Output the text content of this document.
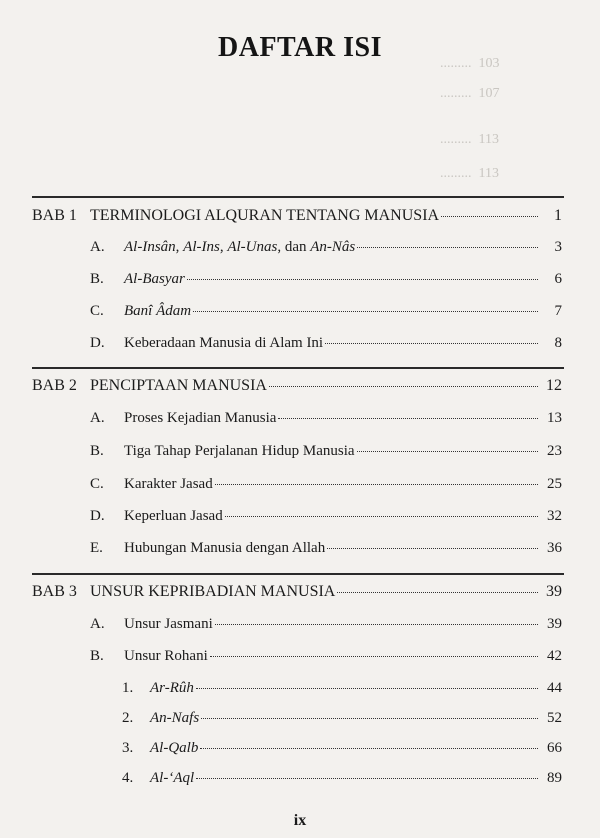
.........  103
.........  107
.........  113
.........  113
DAFTAR ISI
BAB 1 TERMINOLOGI ALQURAN TENTANG MANUSIA	1
A.	Al-Insân, Al-Ins, Al-Unas, dan An-Nâs	3
B.	Al-Basyar	6
C.	Banî Âdam	7
D.	Keberadaan Manusia di Alam Ini	8
BAB 2 PENCIPTAAN MANUSIA	12
A.	Proses Kejadian Manusia	13
B.	Tiga Tahap Perjalanan Hidup Manusia	23
C.	Karakter Jasad	25
D.	Keperluan Jasad	32
E.	Hubungan Manusia dengan Allah	36
BAB 3 UNSUR KEPRIBADIAN MANUSIA	39
A.	Unsur Jasmani	39
B.	Unsur Rohani	42
1.	Ar-Rûh	44
2.	An-Nafs	52
3.	Al-Qalb	66
4.	Al-‘Aql	89
ix
